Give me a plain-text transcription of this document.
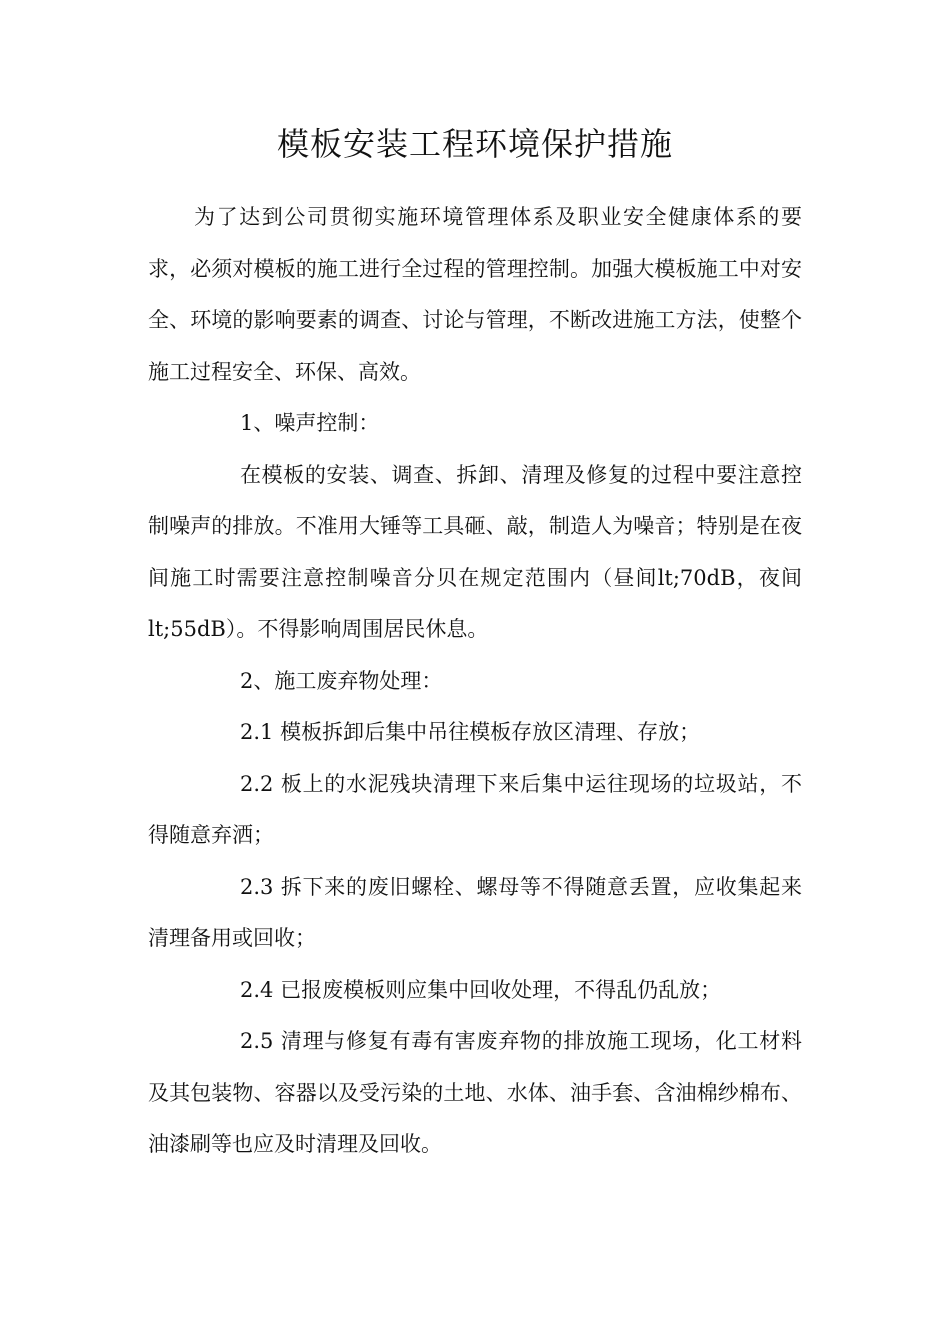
模板安装工程环境保护措施

为了达到公司贯彻实施环境管理体系及职业安全健康体系的要求，必须对模板的施工进行全过程的管理控制。加强大模板施工中对安全、环境的影响要素的调查、讨论与管理，不断改进施工方法，使整个施工过程安全、环保、高效。

1、噪声控制：

在模板的安装、调查、拆卸、清理及修复的过程中要注意控制噪声的排放。不准用大锤等工具砸、敲，制造人为噪音；特别是在夜间施工时需要注意控制噪音分贝在规定范围内（昼间lt;70dB，夜间 lt;55dB）。不得影响周围居民休息。

2、施工废弃物处理：

2.1 模板拆卸后集中吊往模板存放区清理、存放；

2.2 板上的水泥残块清理下来后集中运往现场的垃圾站，不得随意弃洒；

2.3 拆下来的废旧螺栓、螺母等不得随意丢置，应收集起来清理备用或回收；

2.4 已报废模板则应集中回收处理，不得乱仍乱放；

2.5 清理与修复有毒有害废弃物的排放施工现场，化工材料及其包装物、容器以及受污染的土地、水体、油手套、含油棉纱棉布、油漆刷等也应及时清理及回收。
